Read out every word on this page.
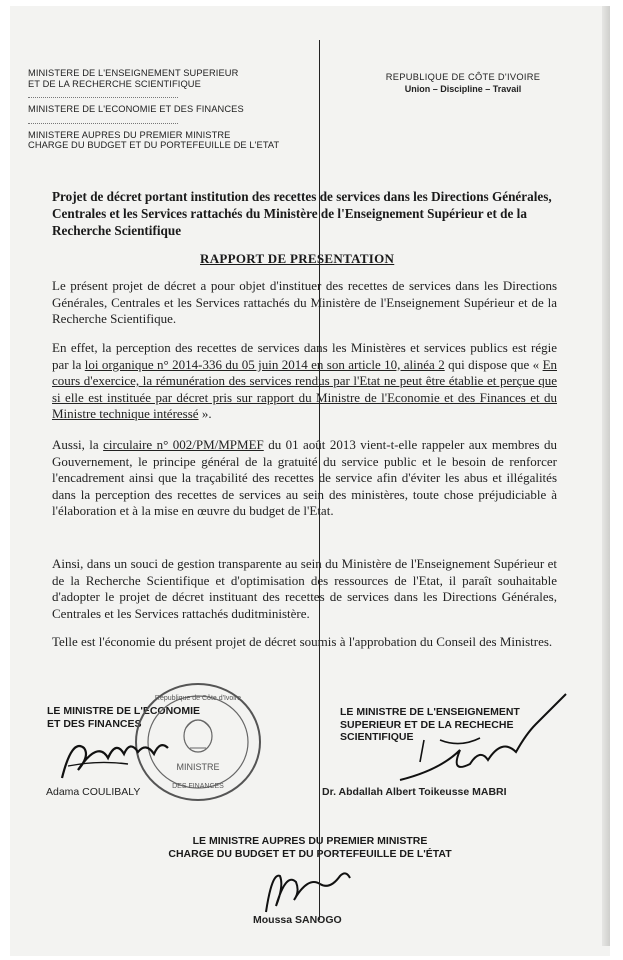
MINISTERE DE L'ENSEIGNEMENT SUPERIEUR
ET DE LA RECHERCHE SCIENTIFIQUE
MINISTERE DE L'ECONOMIE ET DES FINANCES
MINISTERE AUPRES DU PREMIER MINISTRE
CHARGE DU BUDGET ET DU PORTEFEUILLE DE L'ETAT
REPUBLIQUE DE CÔTE D'IVOIRE
Union – Discipline – Travail
Projet de décret portant institution des recettes de services dans les Directions Générales, Centrales et les Services rattachés du Ministère de l'Enseignement Supérieur et de la Recherche Scientifique
RAPPORT DE PRESENTATION
Le présent projet de décret a pour objet d'instituer des recettes de services dans les Directions Générales, Centrales et les Services rattachés du Ministère de l'Enseignement Supérieur et de la Recherche Scientifique.
En effet, la perception des recettes de services dans les Ministères et services publics est régie par la loi organique n° 2014-336 du 05 juin 2014 en son article 10, alinéa 2 qui dispose que « En cours d'exercice, la rémunération des services rendus par l'Etat ne peut être établie et perçue que si elle est instituée par décret pris sur rapport du Ministre de l'Economie et des Finances et du Ministre technique intéressé ».
Aussi, la circulaire n° 002/PM/MPMEF du 01 août 2013 vient-t-elle rappeler aux membres du Gouvernement, le principe général de la gratuité du service public et le besoin de renforcer l'encadrement ainsi que la traçabilité des recettes de service afin d'éviter les abus et illégalités dans la perception des recettes de services au sein des ministères, toute chose préjudiciable à l'élaboration et à la mise en œuvre du budget de l'Etat.
Ainsi, dans un souci de gestion transparente au sein du Ministère de l'Enseignement Supérieur et de la Recherche Scientifique et d'optimisation des ressources de l'Etat, il paraît souhaitable d'adopter le projet de décret instituant des recettes de services dans les Directions Générales, Centrales et les Services rattachés duditministère.
Telle est l'économie du présent projet de décret soumis à l'approbation du Conseil des Ministres.
LE MINISTRE DE L'ECONOMIE
ET DES FINANCES
République de Côte d'Ivoire
MINISTRE
DES FINANCES
Adama COULIBALY
LE MINISTRE DE L'ENSEIGNEMENT
SUPERIEUR ET DE LA RECHECHE
SCIENTIFIQUE
Dr. Abdallah Albert Toikeusse MABRI
LE MINISTRE AUPRES DU PREMIER MINISTRE
CHARGE DU BUDGET ET DU PORTEFEUILLE DE L'ÉTAT
Moussa SANOGO
